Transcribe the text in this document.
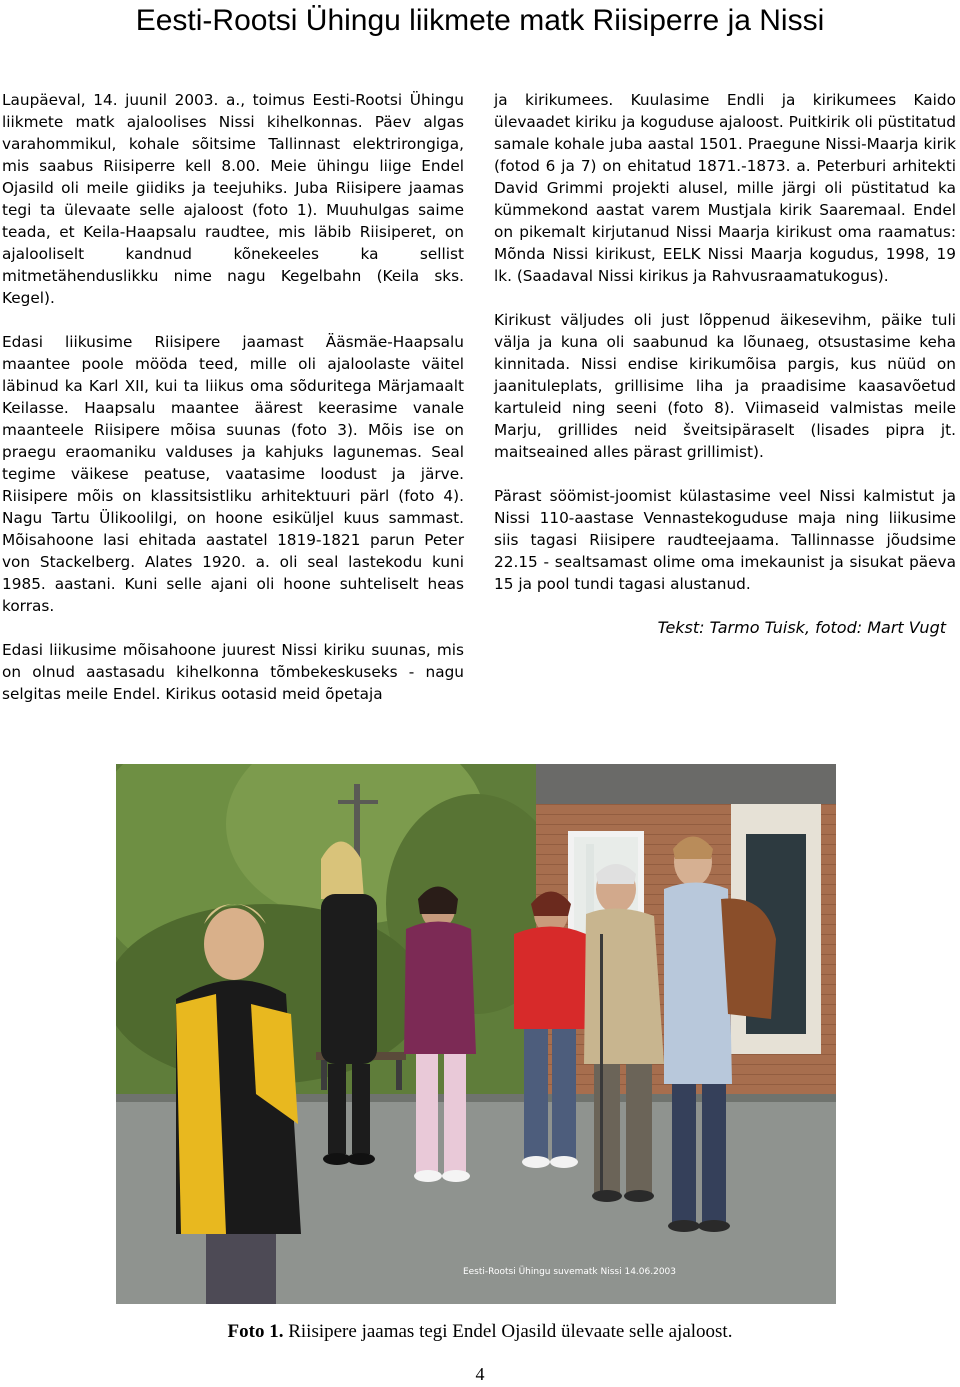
Eesti-Rootsi Ühingu liikmete matk Riisiperre ja Nissi

Laupäeval, 14. juunil 2003. a., toimus Eesti-Rootsi Ühingu liikmete matk ajaloolises Nissi kihelkonnas. Päev algas varahommikul, kohale sõitsime Tallinnast elektrirongiga, mis saabus Riisiperre kell 8.00. Meie ühingu liige Endel Ojasild oli meile giidiks ja teejuhiks. Juba Riisipere jaamas tegi ta ülevaate selle ajaloost (foto 1). Muuhulgas saime teada, et Keila-Haapsalu raudtee, mis läbib Riisiperet, on ajalooliselt kandnud kõnekeeles ka sellist mitmetähenduslikku nime nagu Kegelbahn (Keila sks. Kegel).

Edasi liikusime Riisipere jaamast Ääsmäe-Haapsalu maantee poole mööda teed, mille oli ajaloolaste väitel läbinud ka Karl XII, kui ta liikus oma sõduritega Märjamaalt Keilasse. Haapsalu maantee äärest keerasime vanale maanteele Riisipere mõisa suunas (foto 3). Mõis ise on praegu eraomaniku valduses ja kahjuks lagunemas. Seal tegime väikese peatuse, vaatasime loodust ja järve. Riisipere mõis on klassitsistliku arhitektuuri pärl (foto 4). Nagu Tartu Ülikoolilgi, on hoone esiküljel kuus sammast. Mõisahoone lasi ehitada aastatel 1819-1821 parun Peter von Stackelberg. Alates 1920. a. oli seal lastekodu kuni 1985. aastani. Kuni selle ajani oli hoone suhteliselt heas korras.

Edasi liikusime mõisahoone juurest Nissi kiriku suunas, mis on olnud aastasadu kihelkonna tõmbekeskuseks - nagu selgitas meile Endel. Kirikus ootasid meid õpetaja

ja kirikumees. Kuulasime Endli ja kirikumees Kaido ülevaadet kiriku ja koguduse ajaloost. Puitkirik oli püstitatud samale kohale juba aastal 1501. Praegune Nissi-Maarja kirik (fotod 6 ja 7) on ehitatud 1871.-1873. a. Peterburi arhitekti David Grimmi projekti alusel, mille järgi oli püstitatud ka kümmekond aastat varem Mustjala kirik Saaremaal. Endel on pikemalt kirjutanud Nissi Maarja kirikust oma raamatus: Mõnda Nissi kirikust, EELK Nissi Maarja kogudus, 1998, 19 lk. (Saadaval Nissi kirikus ja Rahvusraamatukogus).

Kirikust väljudes oli just lõppenud äikesevihm, päike tuli välja ja kuna oli saabunud ka lõunaeg, otsustasime keha kinnitada. Nissi endise kirikumõisa pargis, kus nüüd on jaanituleplats, grillisime liha ja praadisime kaasavõetud kartuleid ning seeni (foto 8). Viimaseid valmistas meile Marju, grillides neid šveitsipäraselt (lisades pipra jt. maitseained alles pärast grillimist).

Pärast söömist-joomist külastasime veel Nissi kalmistut ja Nissi 110-aastase Vennastekoguduse maja ning liikusime siis tagasi Riisipere raudteejaama. Tallinnasse jõudsime 22.15 - sealtsamast olime oma imekaunist ja sisukat päeva 15 ja pool tundi tagasi alustanud.

Tekst: Tarmo Tuisk, fotod: Mart Vugt
Eesti-Rootsi Ühingu suvematk Nissi 14.06.2003
Foto 1. Riisipere jaamas tegi Endel Ojasild ülevaate selle ajaloost.
4
